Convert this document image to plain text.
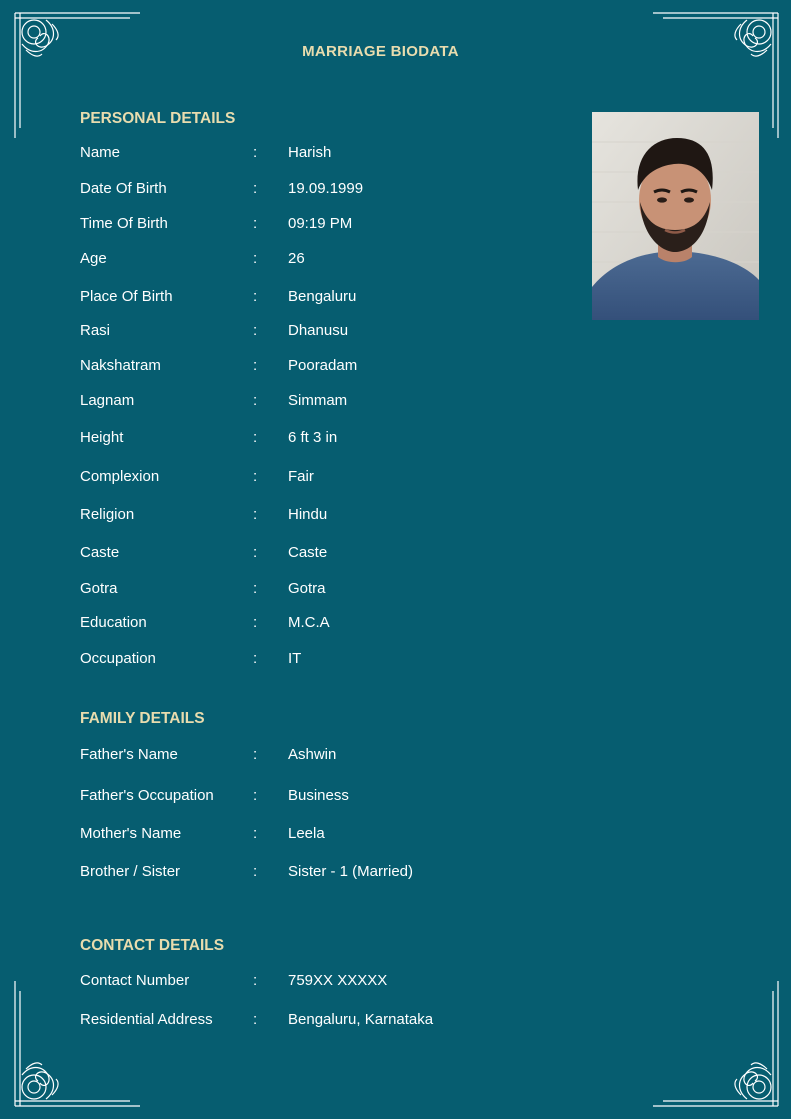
MARRIAGE BIODATA
PERSONAL DETAILS
Name	: Harish
Date Of Birth	: 19.09.1999
Time Of Birth	: 09:19 PM
Age	: 26
Place Of Birth	: Bengaluru
Rasi	: Dhanusu
Nakshatram	: Pooradam
Lagnam	: Simmam
Height	: 6 ft 3 in
Complexion	: Fair
Religion	: Hindu
Caste	: Caste
Gotra	: Gotra
Education	: M.C.A
Occupation	: IT
FAMILY DETAILS
Father's Name	: Ashwin
Father's Occupation	: Business
Mother's Name	: Leela
Brother / Sister	: Sister - 1 (Married)
CONTACT DETAILS
Contact Number	: 759XX XXXXX
Residential Address	: Bengaluru, Karnataka
